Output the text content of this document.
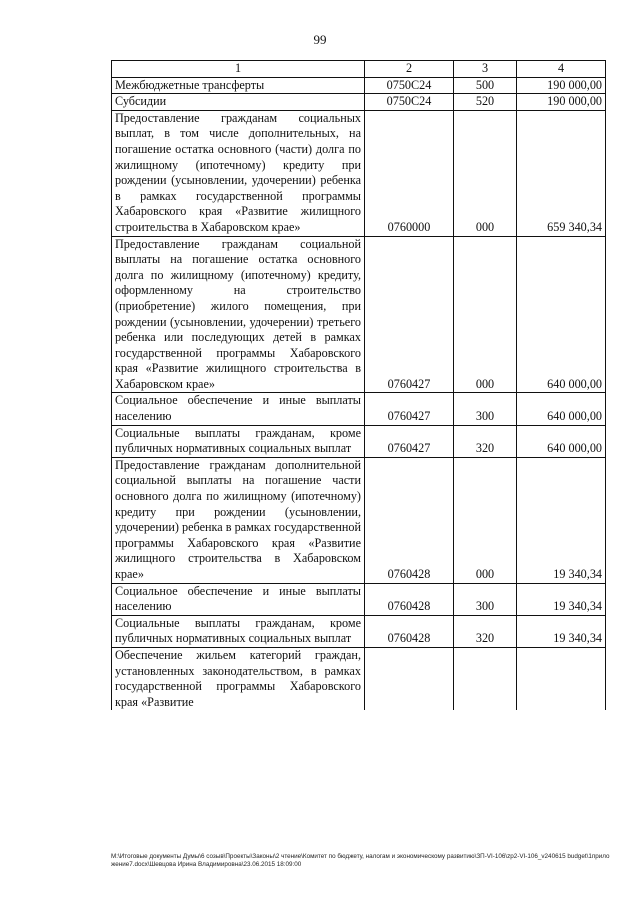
99
1	2	3	4
Межбюджетные трансферты	0750С24	500	190 000,00
Субсидии	0750С24	520	190 000,00
Предоставление гражданам социальных выплат, в том числе дополнительных, на погашение остатка основного (части) долга по жилищному (ипотечному) кредиту при рождении (усыновлении, удочерении) ребенка в рамках государственной программы Хабаровского края «Развитие жилищного строительства в Хабаровском крае»	0760000	000	659 340,34
Предоставление гражданам социальной выплаты на погашение остатка основного долга по жилищному (ипотечному) кредиту, оформленному на строительство (приобретение) жилого помещения, при рождении (усыновлении, удочерении) третьего ребенка или последующих детей в рамках государственной программы Хабаровского края «Развитие жилищного строительства в Хабаровском крае»	0760427	000	640 000,00
Социальное обеспечение и иные выплаты населению	0760427	300	640 000,00
Социальные выплаты гражданам, кроме публичных нормативных социальных выплат	0760427	320	640 000,00
Предоставление гражданам дополнительной социальной выплаты на погашение части основного долга по жилищному (ипотечному) кредиту при рождении (усыновлении, удочерении) ребенка в рамках государственной программы Хабаровского края «Развитие жилищного строительства в Хабаровском крае»	0760428	000	19 340,34
Социальное обеспечение и иные выплаты населению	0760428	300	19 340,34
Социальные выплаты гражданам, кроме публичных нормативных социальных выплат	0760428	320	19 340,34
Обеспечение жильем категорий граждан, установленных законодательством, в рамках государственной программы Хабаровского края «Развитие			
M:\Итоговые документы Думы\6 созыв\Проекты\Законы\2 чтение\Комитет по бюджету, налогам и экономическому развитию\ЗП-VI-106\zp2-VI-106_v240615 budget\1приложение7.docx\Шевцова Ирина Владимировна\23.06.2015 18:09:00
